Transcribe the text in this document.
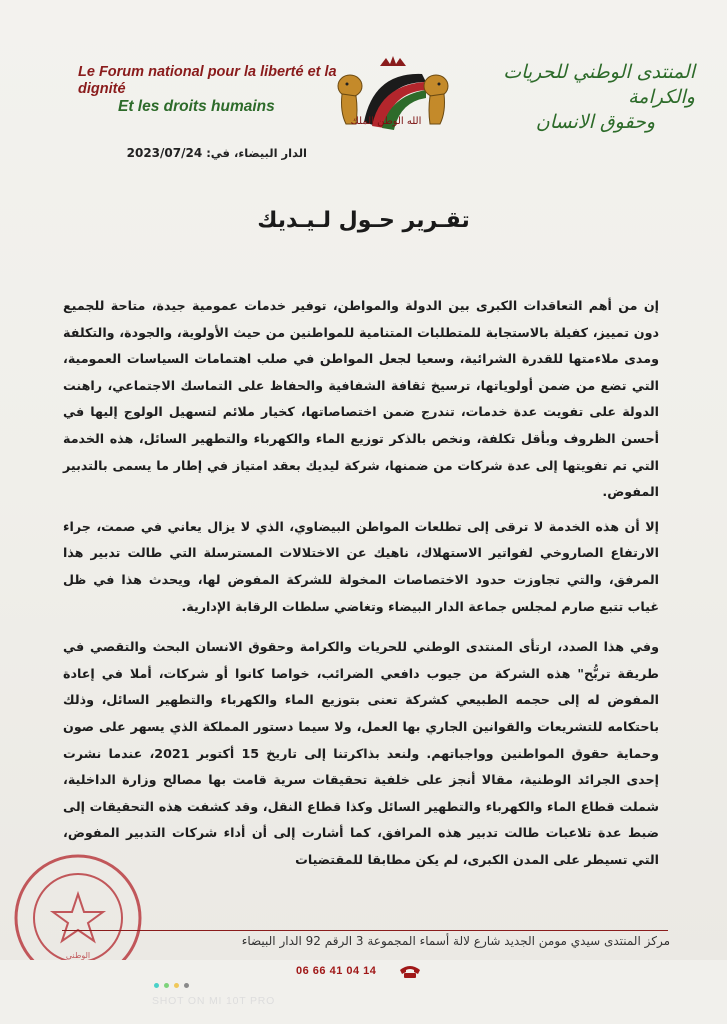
Le Forum national pour la liberté et la dignité
Et les droits humains
الله الوطن الملك
المنتدى الوطني للحريات والكرامة
وحقوق الانسان
الدار البيضاء، في: 2023/07/24
تقـرير حـول لـيـديك

إن من أهم التعاقدات الكبرى بين الدولة والمواطن، توفير خدمات عمومية جيدة، متاحة للجميع دون تمييز، كفيلة بالاستجابة للمتطلبات المتنامية للمواطنين من حيث الأولوية، والجودة، والتكلفة ومدى ملاءمتها للقدرة الشرائية، وسعيا لجعل المواطن في صلب اهتمامات السياسات العمومية، التي تضع من ضمن أولوياتها، ترسيخ ثقافة الشفافية والحفاظ على التماسك الاجتماعي، راهنت الدولة على تفويت عدة خدمات، تندرج ضمن اختصاصاتها، كخيار ملائم لتسهيل الولوج إليها في أحسن الظروف وبأقل تكلفة، ونخص بالذكر توزيع الماء والكهرباء والتطهير السائل، هذه الخدمة التي تم تفويتها إلى عدة شركات من ضمنها، شركة ليديك بعقد امتياز في إطار ما يسمى بالتدبير المفوض.

إلا أن هذه الخدمة لا ترقى إلى تطلعات المواطن البيضاوي، الذي لا يزال يعاني في صمت، جراء الارتفاع الصاروخي لفواتير الاستهلاك، ناهيك عن الاختلالات المسترسلة التي طالت تدبير هذا المرفق، والتي تجاوزت حدود الاختصاصات المخولة للشركة المفوض لها، ويحدث هذا في ظل غياب تتبع صارم لمجلس جماعة الدار البيضاء وتغاضي سلطات الرقابة الإدارية.

وفي هذا الصدد، ارتأى المنتدى الوطني للحريات والكرامة وحقوق الانسان البحث والتقصي في طريقة تربُّح" هذه الشركة من جيوب دافعي الضرائب، خواصا كانوا أو شركات، أملا في إعادة المفوض له إلى حجمه الطبيعي كشركة تعنى بتوزيع الماء والكهرباء والتطهير السائل، وذلك باحتكامه للتشريعات والقوانين الجاري بها العمل، ولا سيما دستور المملكة الذي يسهر على صون وحماية حقوق المواطنين وواجباتهم. ولنعد بذاكرتنا إلى تاريخ 15 أكتوبر 2021، عندما نشرت إحدى الجرائد الوطنية، مقالا أنجز على خلفية تحقيقات سرية قامت بها مصالح وزارة الداخلية، شملت قطاع الماء والكهرباء والتطهير السائل وكذا قطاع النقل، وقد كشفت هذه التحقيقات إلى ضبط عدة تلاعبات طالت تدبير هذه المرافق، كما أشارت إلى أن أداء شركات التدبير المفوض، التي تسيطر على المدن الكبرى، لم يكن مطابقا للمقتضيات

الوطني
مركز المنتدى سيدي مومن الجديد شارع لالة أسماء المجموعة 3 الرقم 92 الدار البيضاء
06 66 41 04 14
SHOT ON MI 10T PRO
